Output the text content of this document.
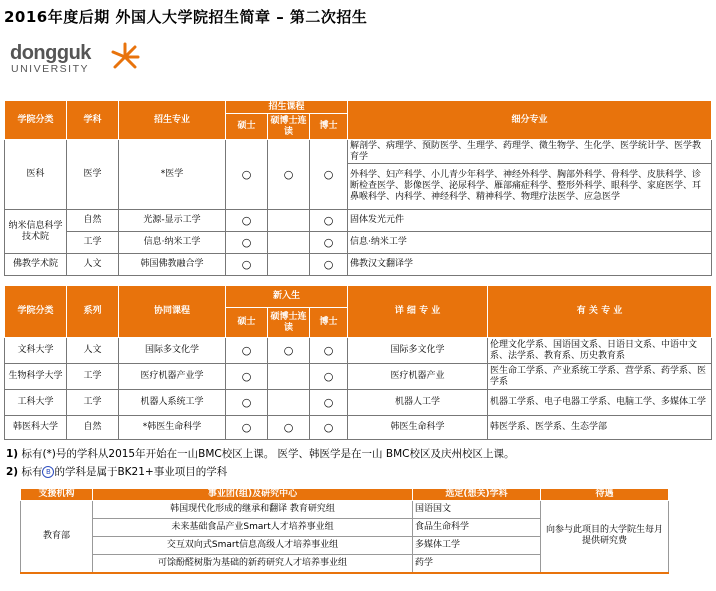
2016年度后期 外国人大学院招生简章 – 第二次招生
dongguk
UNIVERSITY
学院分类	学科	招生专业	招生课程			细分专业
			硕士	硕博士连读	博士	
医科	医学	*医学	○	○	○	解剖学、病理学、预防医学、生理学、药理学、微生物学、生化学、医学统计学、医学教育学
						外科学、妇产科学、小儿青少年科学、神经外科学、胸部外科学、骨科学、皮肤科学、诊断检查医学、影像医学、泌尿科学、雁部痛症科学、整形外科学、眼科学、家庭医学、耳鼻喉科学、内科学、神经科学、精神科学、物理疗法医学、应急医学
纳米信息科学技术院	自然	光源-显示工学	○		○	固体发光元件
	工学	信息·纳米工学	○		○	信息·纳米工学
佛教学术院	人文	韩国佛教融合学	○		○	佛教汉文翻译学
学院分类	系列	协同课程	新入生			详 细 专 业	有 关 专 业
			硕士	硕博士连读	博士		
文科大学	人文	国际多文化学	○	○	○	国际多文化学	伦理文化学系、国语国文系、日语日文系、中语中文系、法学系、教育系、历史教育系
生物科学大学	工学	医疗机器产业学	○		○	医疗机器产业	医生命工学系、产业系统工学系、营学系、药学系、医学系
工科大学	工学	机器人系统工学	○		○	机器人工学	机器工学系、电子电器工学系、电脑工学、多媒体工学
韩医科大学	自然	*韩医生命科学	○	○	○	韩医生命科学	韩医学系、医学系、生态学部
1) 标有(*)号的学科从2015年开始在一山BMC校区上课。 医学、韩医学是在一山 BMC校区及庆州校区上课。
2) 标有 B 的学科是属于BK21+事业项目的学科
支援机构	事业团(组)及研究中心	选定(想关)学科	待遇
教育部	韩国现代化形成的继承和翻译 教育研究组	国语国文	向参与此项目的大学院生每月提供研究费
	未来基础食品产业Smart人才培养事业组	食品生命科学	
	交互双向式Smart信息高级人才培养事业组	多媒体工学	
	可馀酚醛树脂为基础的新药研究人才培养事业组	药学	
